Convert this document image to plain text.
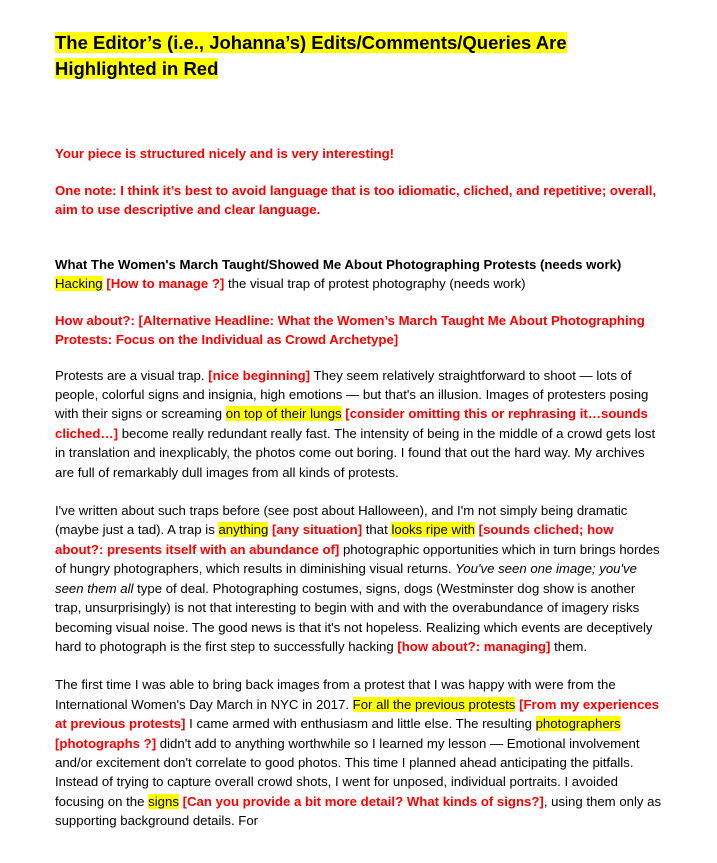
The Editor’s (i.e., Johanna’s) Edits/Comments/Queries Are Highlighted in Red

Your piece is structured nicely and is very interesting!

One note: I think it’s best to avoid language that is too idiomatic, cliched, and repetitive; overall, aim to use descriptive and clear language.

What The Women's March Taught/Showed Me About Photographing Protests (needs work)
Hacking [How to manage ?] the visual trap of protest photography (needs work)

How about?: [Alternative Headline: What the Women’s March Taught Me About Photographing Protests: Focus on the Individual as Crowd Archetype]

Protests are a visual trap. [nice beginning] They seem relatively straightforward to shoot — lots of people, colorful signs and insignia, high emotions — but that's an illusion. Images of protesters posing with their signs or screaming on top of their lungs [consider omitting this or rephrasing it…sounds cliched…] become really redundant really fast. The intensity of being in the middle of a crowd gets lost in translation and inexplicably, the photos come out boring. I found that out the hard way. My archives are full of remarkably dull images from all kinds of protests.

I've written about such traps before (see post about Halloween), and I'm not simply being dramatic (maybe just a tad). A trap is anything [any situation] that looks ripe with [sounds cliched; how about?: presents itself with an abundance of] photographic opportunities which in turn brings hordes of hungry photographers, which results in diminishing visual returns. You've seen one image; you've seen them all type of deal. Photographing costumes, signs, dogs (Westminster dog show is another trap, unsurprisingly) is not that interesting to begin with and with the overabundance of imagery risks becoming visual noise. The good news is that it's not hopeless. Realizing which events are deceptively hard to photograph is the first step to successfully hacking [how about?: managing] them.

The first time I was able to bring back images from a protest that I was happy with were from the International Women's Day March in NYC in 2017. For all the previous protests [From my experiences at previous protests] I came armed with enthusiasm and little else. The resulting photographers [photographs ?] didn't add to anything worthwhile so I learned my lesson — Emotional involvement and/or excitement don't correlate to good photos. This time I planned ahead anticipating the pitfalls. Instead of trying to capture overall crowd shots, I went for unposed, individual portraits. I avoided focusing on the signs [Can you provide a bit more detail? What kinds of signs?], using them only as supporting background details. For
